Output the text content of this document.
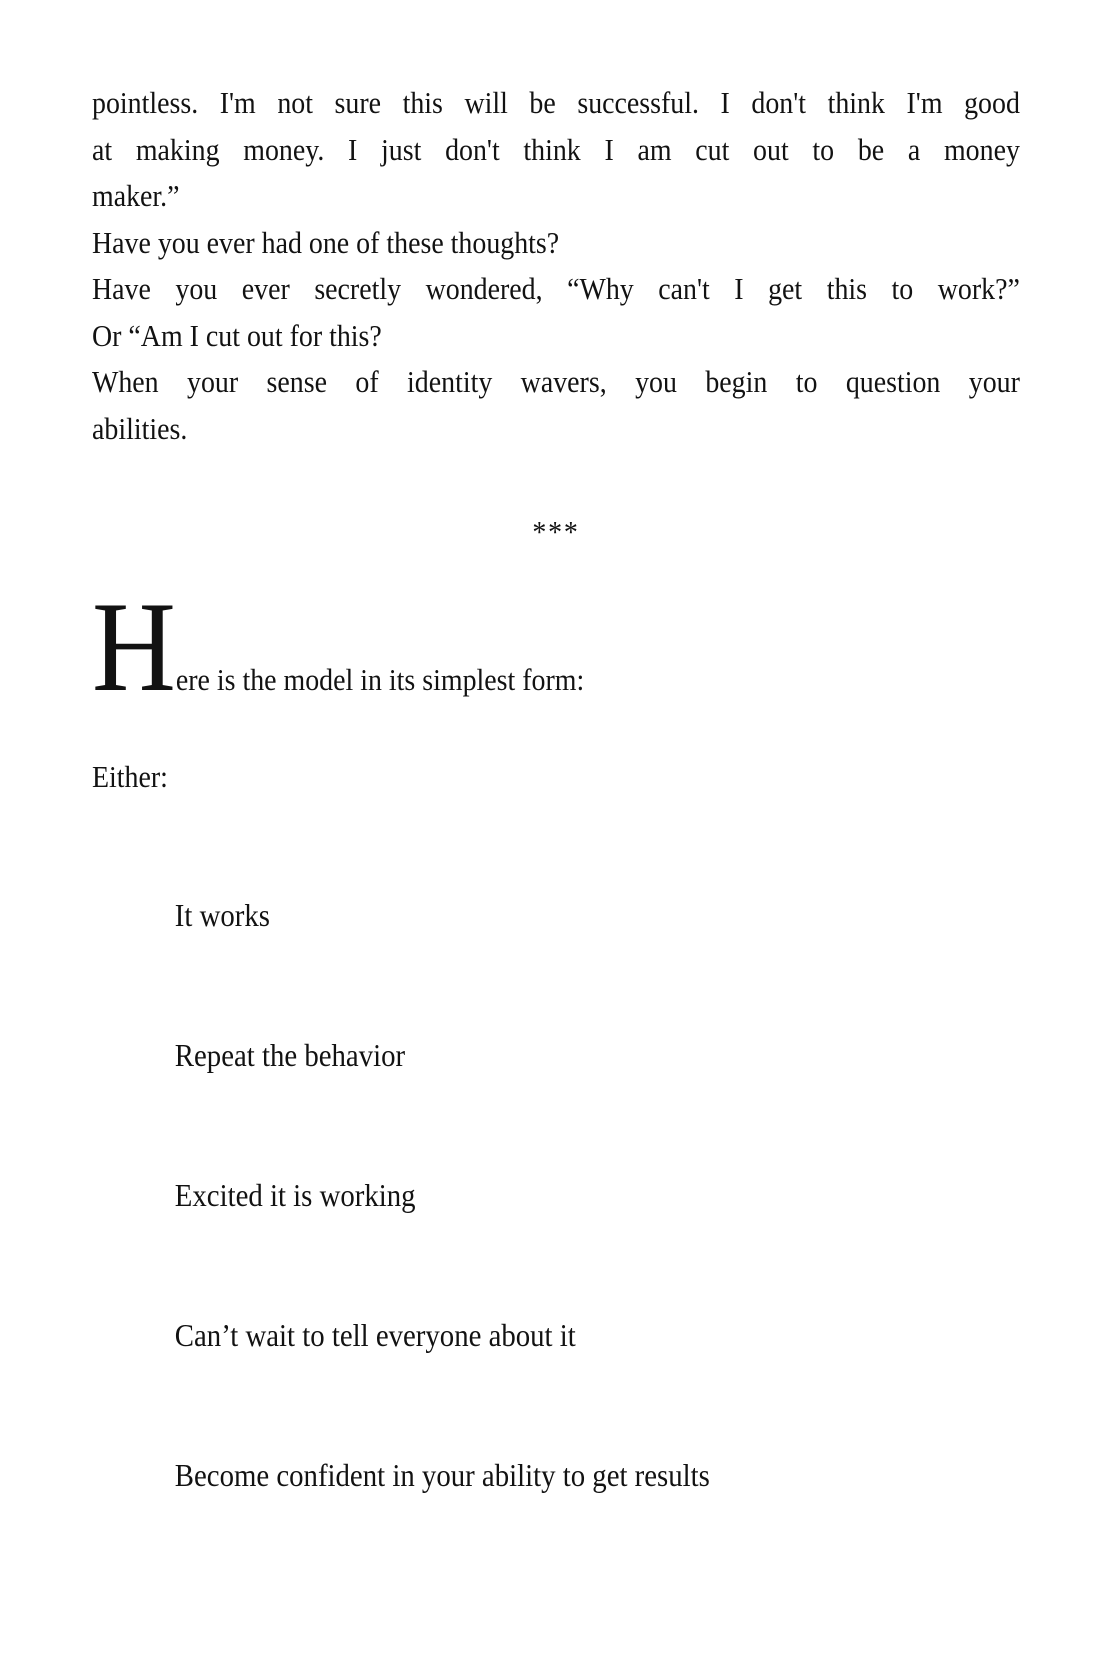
pointless. I'm not sure this will be successful. I don't think I'm good
at making money. I just don't think I am cut out to be a money
maker.”
Have you ever had one of these thoughts?
Have you ever secretly wondered, “Why can't I get this to work?”
Or “Am I cut out for this?
When your sense of identity wavers, you begin to question your
abilities.
***
Here is the model in its simplest form:
Either:
It works
Repeat the behavior
Excited it is working
Can’t wait to tell everyone about it
Become confident in your ability to get results
